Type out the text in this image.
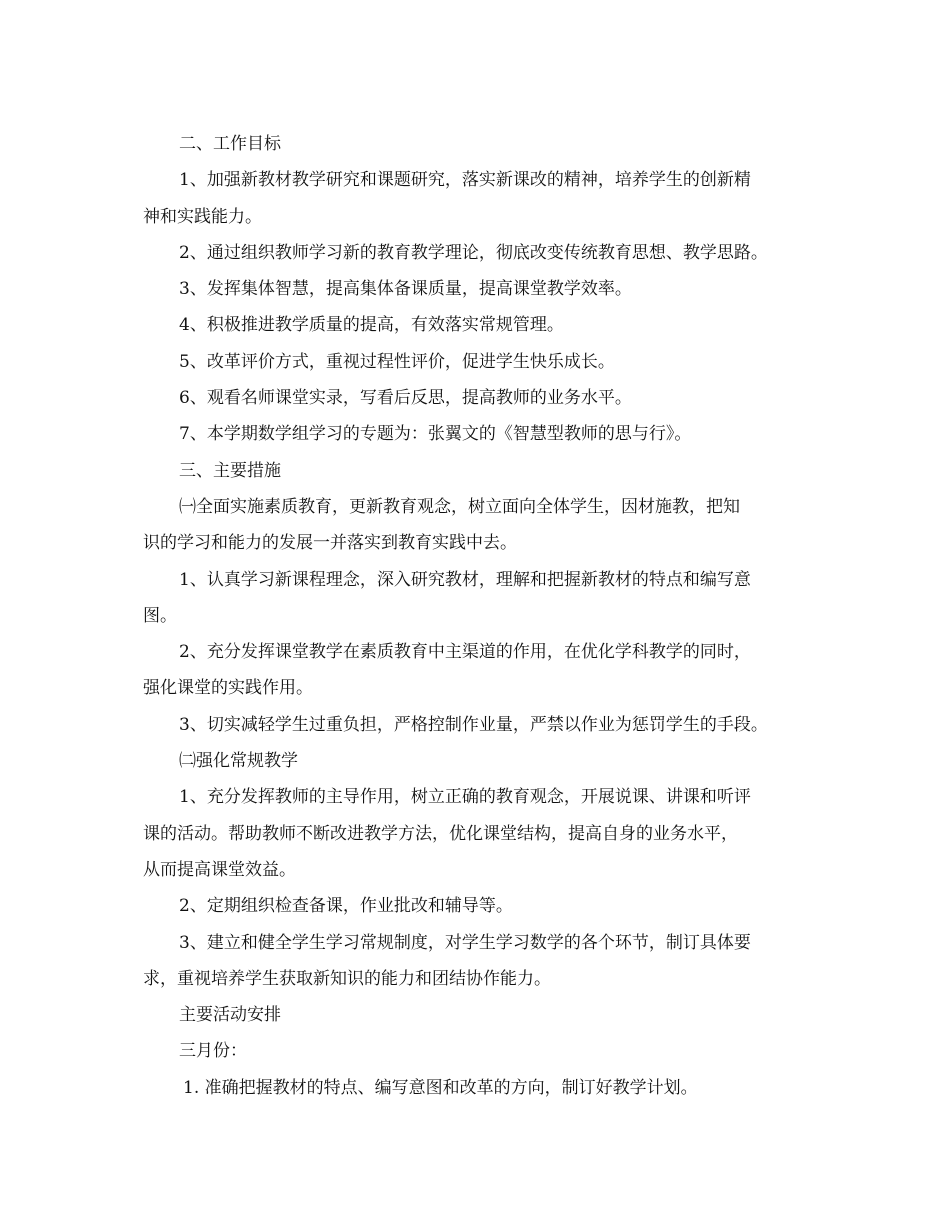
二、工作目标

1、加强新教材教学研究和课题研究，落实新课改的精神，培养学生的创新精

神和实践能力。

2、通过组织教师学习新的教育教学理论，彻底改变传统教育思想、教学思路。

3、发挥集体智慧，提高集体备课质量，提高课堂教学效率。

4、积极推进教学质量的提高，有效落实常规管理。

5、改革评价方式，重视过程性评价，促进学生快乐成长。

6、观看名师课堂实录，写看后反思，提高教师的业务水平。

7、本学期数学组学习的专题为：张翼文的《智慧型教师的思与行》。

三、主要措施

㈠全面实施素质教育，更新教育观念，树立面向全体学生，因材施教，把知

识的学习和能力的发展一并落实到教育实践中去。

1、认真学习新课程理念，深入研究教材，理解和把握新教材的特点和编写意

图。

2、充分发挥课堂教学在素质教育中主渠道的作用，在优化学科教学的同时，

强化课堂的实践作用。

3、切实减轻学生过重负担，严格控制作业量，严禁以作业为惩罚学生的手段。

㈡强化常规教学

1、充分发挥教师的主导作用，树立正确的教育观念，开展说课、讲课和听评

课的活动。帮助教师不断改进教学方法，优化课堂结构，提高自身的业务水平，

从而提高课堂效益。

2、定期组织检查备课，作业批改和辅导等。

3、建立和健全学生学习常规制度，对学生学习数学的各个环节，制订具体要

求，重视培养学生获取新知识的能力和团结协作能力。

主要活动安排

三月份：

1. 准确把握教材的特点、编写意图和改革的方向，制订好教学计划。
